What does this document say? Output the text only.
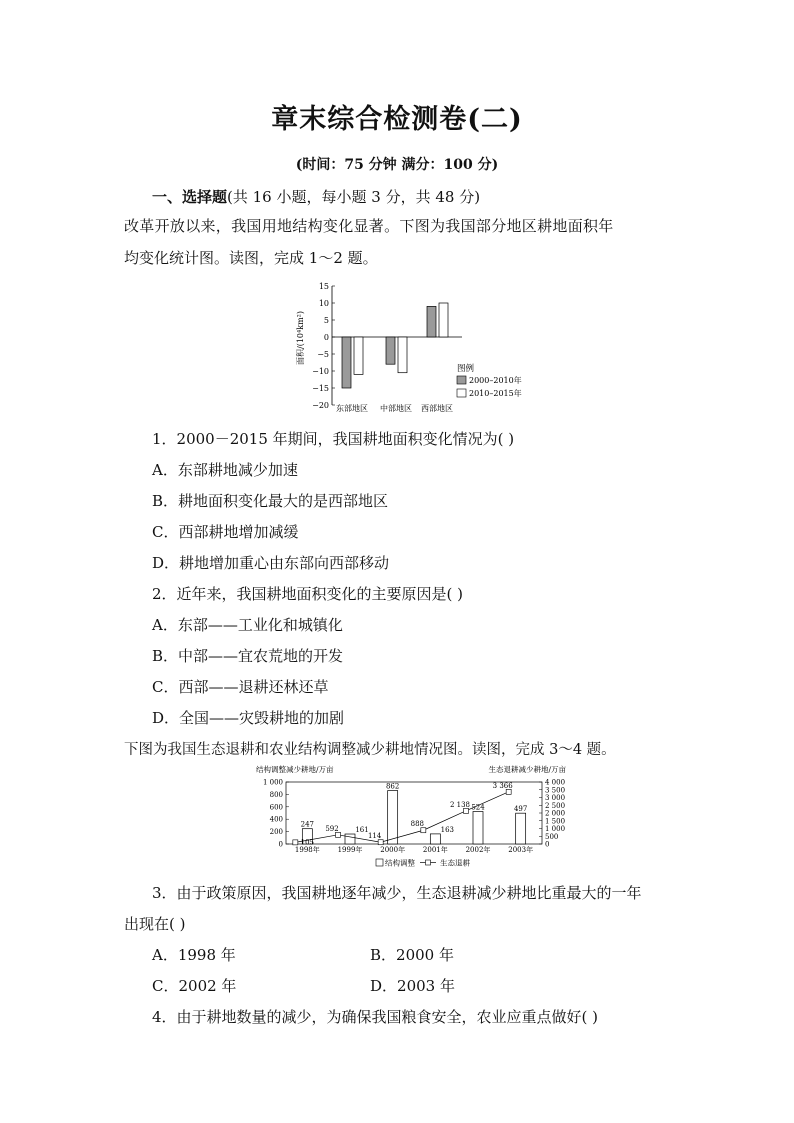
章末综合检测卷(二)
(时间：75 分钟 满分：100 分)
一、选择题(共 16 小题，每小题 3 分，共 48 分)
改革开放以来，我国用地结构变化显著。下图为我国部分地区耕地面积年
均变化统计图。读图，完成 1～2 题。
15
10
5
0
−5
−10
−15
−20 东部地区 中部地区 西部地区
面积/(10⁴km²)
图例
2000–2010年
2010–2015年
1．2000－2015 年期间，我国耕地面积变化情况为( )
A．东部耕地减少加速
B．耕地面积变化最大的是西部地区
C．西部耕地增加减缓
D．耕地增加重心由东部向西部移动
2．近年来，我国耕地面积变化的主要原因是( )
A．东部——工业化和城镇化
B．中部——宜农荒地的开发
C．西部——退耕还林还草
D．全国——灾毁耕地的加剧
下图为我国生态退耕和农业结构调整减少耕地情况图。读图，完成 3～4 题。
结构调整减少耕地/万亩	生态退耕减少耕地/万亩
1 000
800
600
400
200
0
4 000
3 500
3 000
2 500
2 000
1 500
1 000
500
0
247
161
862
163
524	497
105
592
114
888
2 138
3 366
1998年	1999年	2000年	2001年	2002年	2003年
结构调整	生态退耕
3．由于政策原因，我国耕地逐年减少，生态退耕减少耕地比重最大的一年
出现在( )
A．1998 年	B．2000 年
C．2002 年	D．2003 年
4．由于耕地数量的减少，为确保我国粮食安全，农业应重点做好( )
